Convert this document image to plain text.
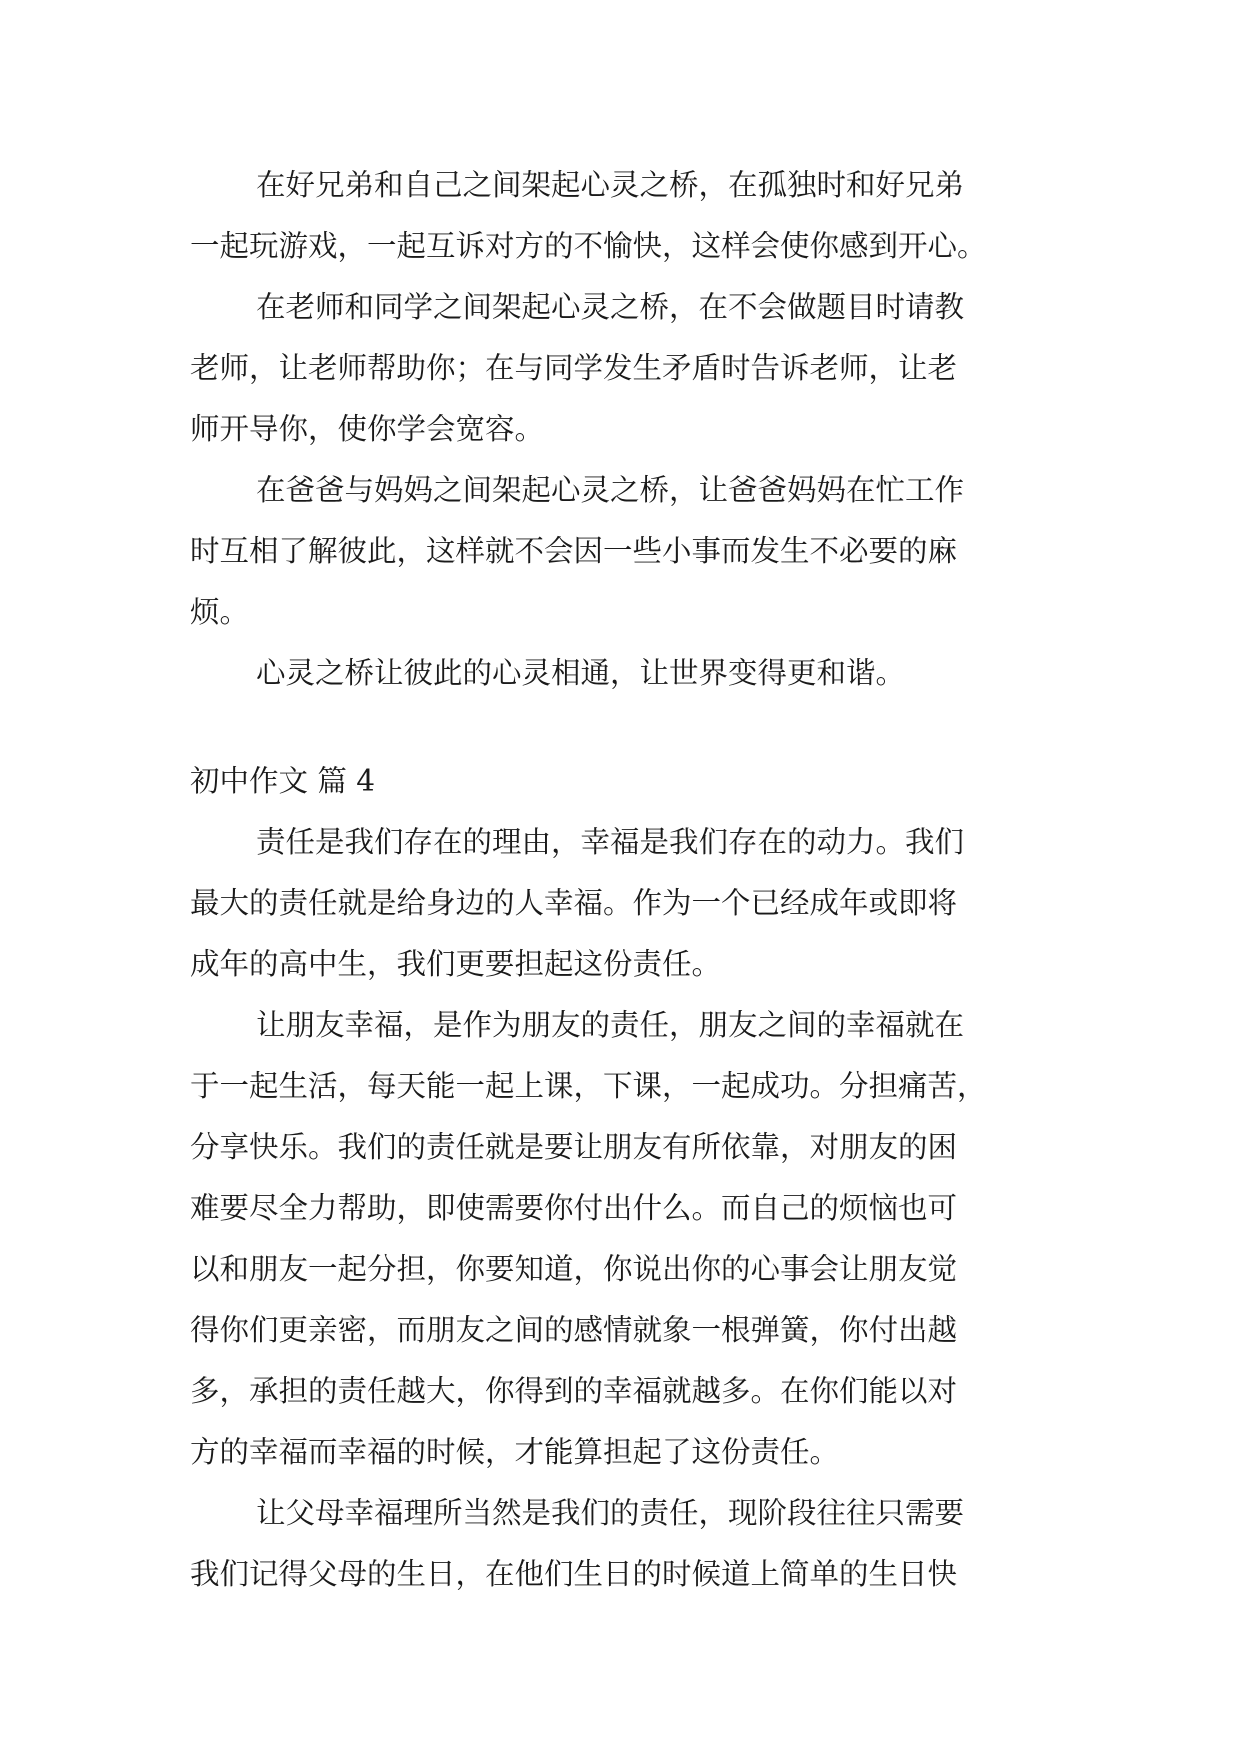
在好兄弟和自己之间架起心灵之桥，在孤独时和好兄弟
一起玩游戏，一起互诉对方的不愉快，这样会使你感到开心。
在老师和同学之间架起心灵之桥，在不会做题目时请教
老师，让老师帮助你；在与同学发生矛盾时告诉老师，让老
师开导你，使你学会宽容。
在爸爸与妈妈之间架起心灵之桥，让爸爸妈妈在忙工作
时互相了解彼此，这样就不会因一些小事而发生不必要的麻
烦。
心灵之桥让彼此的心灵相通，让世界变得更和谐。
初中作文 篇 4
责任是我们存在的理由，幸福是我们存在的动力。我们
最大的责任就是给身边的人幸福。作为一个已经成年或即将
成年的高中生，我们更要担起这份责任。
让朋友幸福，是作为朋友的责任，朋友之间的幸福就在
于一起生活，每天能一起上课，下课，一起成功。分担痛苦，
分享快乐。我们的责任就是要让朋友有所依靠，对朋友的困
难要尽全力帮助，即使需要你付出什么。而自己的烦恼也可
以和朋友一起分担，你要知道，你说出你的心事会让朋友觉
得你们更亲密，而朋友之间的感情就象一根弹簧，你付出越
多，承担的责任越大，你得到的幸福就越多。在你们能以对
方的幸福而幸福的时候，才能算担起了这份责任。
让父母幸福理所当然是我们的责任，现阶段往往只需要
我们记得父母的生日，在他们生日的时候道上简单的生日快
